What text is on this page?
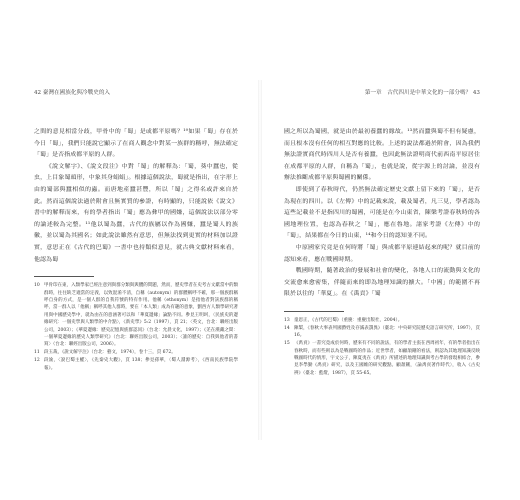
42 臺灣在國族化與冷戰史的入

之間的意見相當分歧，甲骨中的「蜀」是或都平原嗎？¹⁰如果「蜀」存在於今日「蜀」，我們只能說它顯示了在商人觀念中對某一族群的稱呼，無法確定「蜀」是否指成都平原的人群。

《說文解字》、《說文段注》中對「蜀」的解釋為：「蜀，葵中蠶也，從虫，上目象蜀頭形，中象其身蜎蜎」。根據這個說法，蜀就是指出，在字形上由的蜀部與蠶相似的蟲。而唐地產蠶甚豐，所以「蜀」之得名或許來自於此。然而這個說法過於附會且無實質的參證，有時顯的，只能說依《說文》書中的解釋而來，有的學者指出「蜀」應為彝甲的國嫌，這個說法以部分零的論述較為完整。¹¹他以蜀為蠶，古代的族屬以作為國嫌，蠶是蜀人的族徽，並以蜀為其國名；如此說法雖然有意思，但無法找到更實的材料加以證實，意思正在《古代的巴蜀》一書中也持類似意見，就古典文獻材料來看，他認為蜀

10 甲骨印在東，入類學家已經注意到與群分類與與體的問題，然而，歷史學者在史考古文獻當中的類群時，往往缺乏適當的定義，以致混淆不清，自稱（autonym）的群體稱呼不確，那一個族群稱呼自身的方式，是一個人群的自我符號的特有作用。他稱（ethonym）是指他者對該族群的稱呼，當一群人以「他稱」稱呼其他人群時，要在「本人類」成為有趣的意象，劉西方人類學研究著用與中國歷史學中，就為由在的意涵著可以和「華夏邊緣」論點不同。參見王明珂，〈民族史的邊緣研究：一個史學與人類學的中介點〉，《新史學》5:2（1997），頁 21；〈英文，台北：聯經出版公司，2003）；《華夏邊緣：歷史記憶與族群認同》（台北：允晨文化，1997）；《羌在漢藏之間：一個華夏邊緣的歷史人類學研究》（台北：聯經出版公司，2003）；〈誰的歷史：自我與他者的書寫〉（台北：聯經出版公司，2006）。
11 段玉裁，《說文解字注》（台北：藝文，1974），卷十三，頁 672。
12 段渝，〈說巴蜀主權〉，《先秦史大觀》，頁 138；參見孫華，〈蜀人淵源考〉，《西南民族學院學報》。
第一章　古代四川是中華文化的一部分嗎？ 43

國之所以為蜀國，就是由於最初養蠶的緣故。¹³然而蠶與蜀不但有疑慮，而且根本沒有任何的相互對應的比較。上述的說法都過於附會，因為我們無法證實商代時四川人是否有養蠶，也因此無法證明商代前西南平原居住在成都平原的人群，自稱為「蜀」，也就是說，從字源上的討論，並沒有辦法推斷成都平原與蜀國的關係。

即使到了春秋時代，仍然無法確定歷史文獻上留下來的「蜀」，是否為現在的四川。以《左傳》中的記載來說，載及蜀者，凡三見，學者認為這些記載並不是指四川的蜀國，可能是在今山東省，陳槃考證春秋時的各國地理位置，也認為春秋之「蜀」，應在魯地。諸家考證《左傳》中的「蜀」，結果都在今日的山東，¹⁴和今日的認知並不同。

中原國家究竟是在何時將「蜀」與成都平原連結起來的呢？就目前的認知來看，應在戰國時期。

戰國時期，隨著政治的發展和社會的變化，各地人口的流動與文化的交流愈來愈密集，伴隨而來的即為地理知識的擴大。「中國」的範圍不再限於以往的「華夏」。在《禹貢》「蜀

13 童恩正，《古代的巴蜀》（重慶：重慶出版社，2004）。
14 陳槃，《春秋大事表列國爵姓及存滅表譔異》（臺北：中央研究院歷史語言研究所，1997），頁 16。
15 《禹貢》一書究竟成於何時，歷來有不同的說法，有的學者主張在西周初年，有的學者指出在春秋時，而有些則以為是戰國時的作品；近世學者，如顧頡剛的看法，則認為其地理知識反映戰國時代的情形，宇文公子，陳夏夷在《禹貢》所描述的地理知識與考古學的發現相結合，參見李學勤《禹貢》研究，以及王國維的研究觀點。顧頡剛，〈論禹貢著作時代〉，收入《古史辨》（臺北：藍燈，1987），頁 55-65。
